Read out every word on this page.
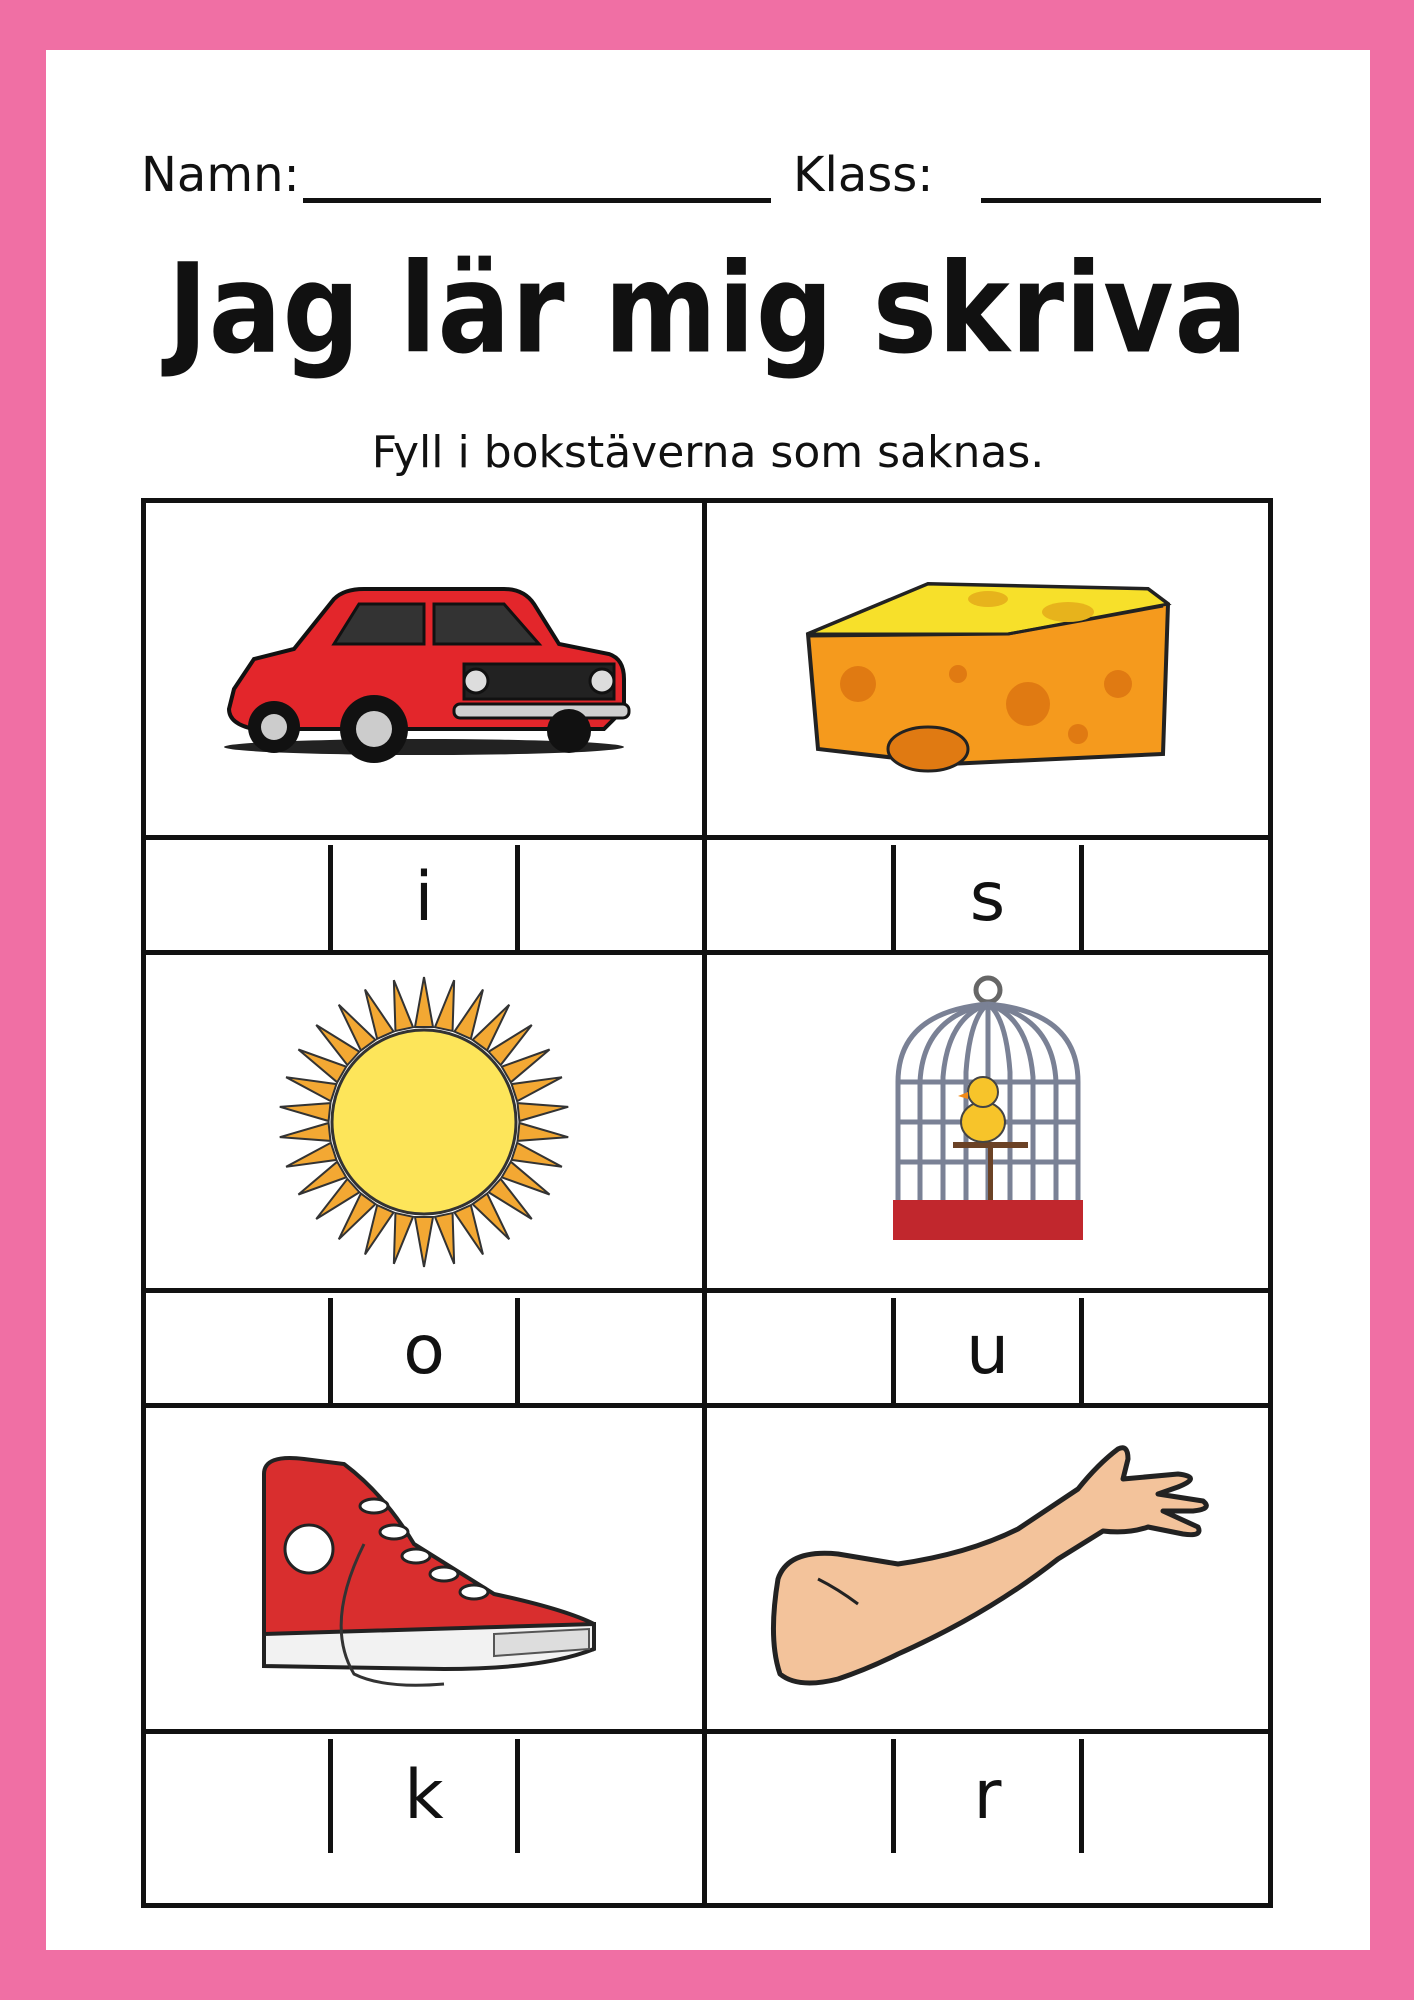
Namn:	Klass:
Jag lär mig skriva
Fyll i bokstäverna som saknas.
i	s
o	u
k	r
